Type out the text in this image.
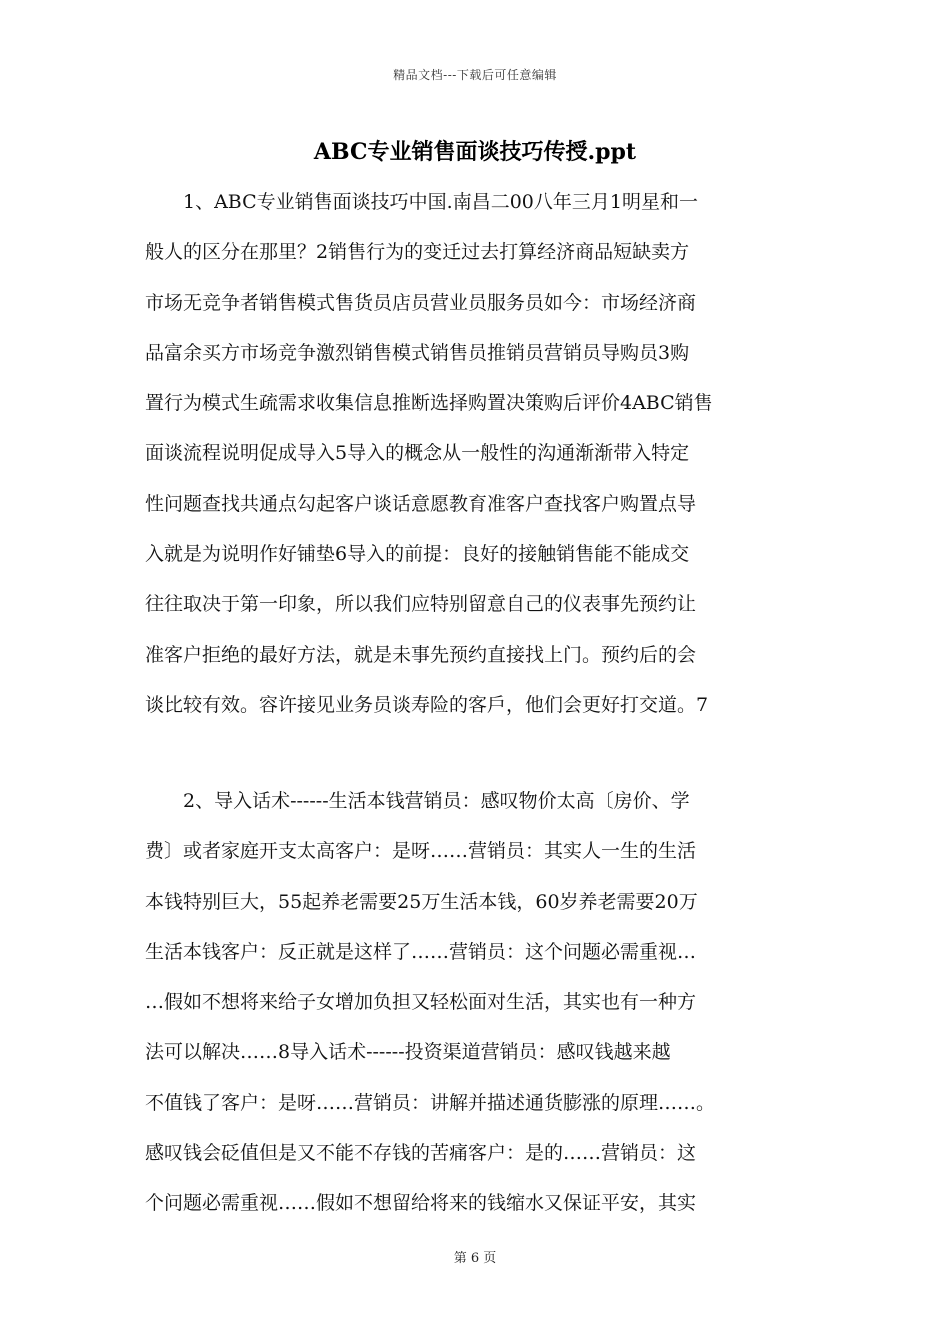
精品文档---下载后可任意编辑
ABC专业销售面谈技巧传授.ppt
　　1、ABC专业销售面谈技巧中国.南昌二00八年三月1明星和一
般人的区分在那里？2销售行为的变迁过去打算经济商品短缺卖方
市场无竞争者销售模式售货员店员营业员服务员如今：市场经济商
品富余买方市场竞争激烈销售模式销售员推销员营销员导购员3购
置行为模式生疏需求收集信息推断选择购置决策购后评价4ABC销售
面谈流程说明促成导入5导入的概念从一般性的沟通渐渐带入特定
性问题查找共通点勾起客户谈话意愿教育准客户查找客户购置点导
入就是为说明作好铺垫6导入的前提：良好的接触销售能不能成交
往往取决于第一印象，所以我们应特别留意自己的仪表事先预约让
准客户拒绝的最好方法，就是未事先预约直接找上门。预约后的会
谈比较有效。容许接见业务员谈寿险的客戶，他们会更好打交道。7
　　2、导入话术------生活本钱营销员：感叹物价太高〔房价、学
费〕或者家庭开支太高客户：是呀……营销员：其实人一生的生活
本钱特别巨大，55起养老需要25万生活本钱，60岁养老需要20万
生活本钱客户：反正就是这样了……营销员：这个问题必需重视…
…假如不想将来给子女增加负担又轻松面对生活，其实也有一种方
法可以解决……8导入话术------投资渠道营销员：感叹钱越来越
不值钱了客户：是呀……营销员：讲解并描述通货膨涨的原理……。
感叹钱会砭值但是又不能不存钱的苦痛客户：是的……营销员：这
个问题必需重视……假如不想留给将来的钱缩水又保证平安，其实
第 6 页
